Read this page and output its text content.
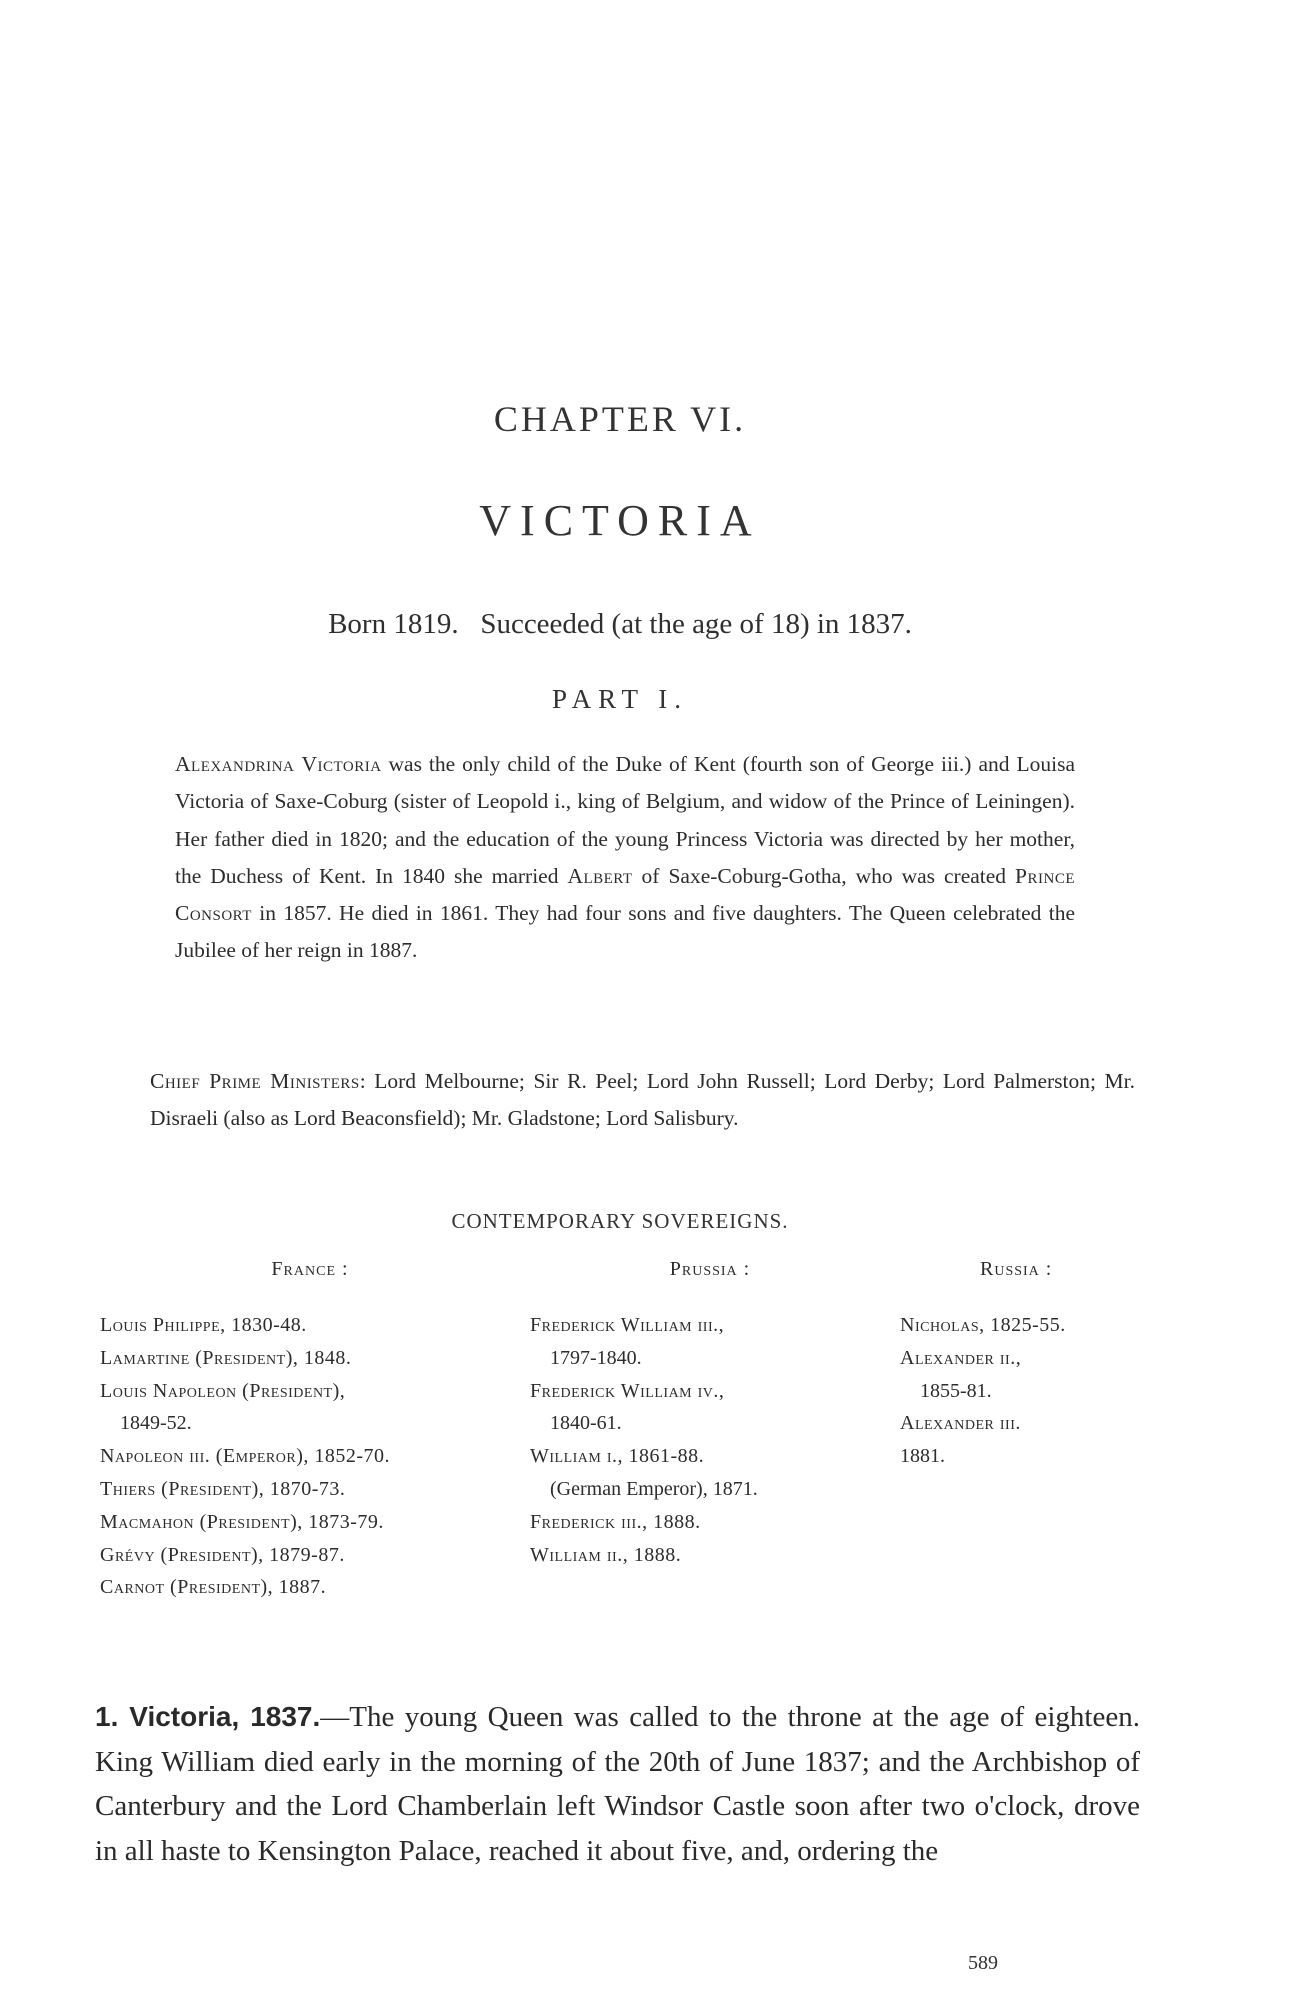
CHAPTER VI.
VICTORIA
Born 1819.   Succeeded (at the age of 18) in 1837.
PART I.

Alexandrina Victoria was the only child of the Duke of Kent (fourth son of George iii.) and Louisa Victoria of Saxe-Coburg (sister of Leopold i., king of Belgium, and widow of the Prince of Leiningen). Her father died in 1820; and the education of the young Princess Victoria was directed by her mother, the Duchess of Kent. In 1840 she married Albert of Saxe-Coburg-Gotha, who was created Prince Consort in 1857. He died in 1861. They had four sons and five daughters. The Queen celebrated the Jubilee of her reign in 1887.

Chief Prime Ministers: Lord Melbourne; Sir R. Peel; Lord John Russell; Lord Derby; Lord Palmerston; Mr. Disraeli (also as Lord Beaconsfield); Mr. Gladstone; Lord Salisbury.

CONTEMPORARY SOVEREIGNS.
France :
Louis Philippe, 1830-48.
Lamartine (President), 1848.
Louis Napoleon (President),
1849-52.
Napoleon iii. (Emperor), 1852-70.
Thiers (President), 1870-73.
Macmahon (President), 1873-79.
Grévy (President), 1879-87.
Carnot (President), 1887.
Prussia :
Frederick William iii.,
1797-1840.
Frederick William iv.,
1840-61.
William i., 1861-88.
(German Emperor), 1871.
Frederick iii., 1888.
William ii., 1888.
Russia :
Nicholas, 1825-55.
Alexander ii.,
1855-81.
Alexander iii.
1881.

1. Victoria, 1837.—The young Queen was called to the throne at the age of eighteen. King William died early in the morning of the 20th of June 1837; and the Archbishop of Canterbury and the Lord Chamberlain left Windsor Castle soon after two o'clock, drove in all haste to Kensington Palace, reached it about five, and, ordering the

589
